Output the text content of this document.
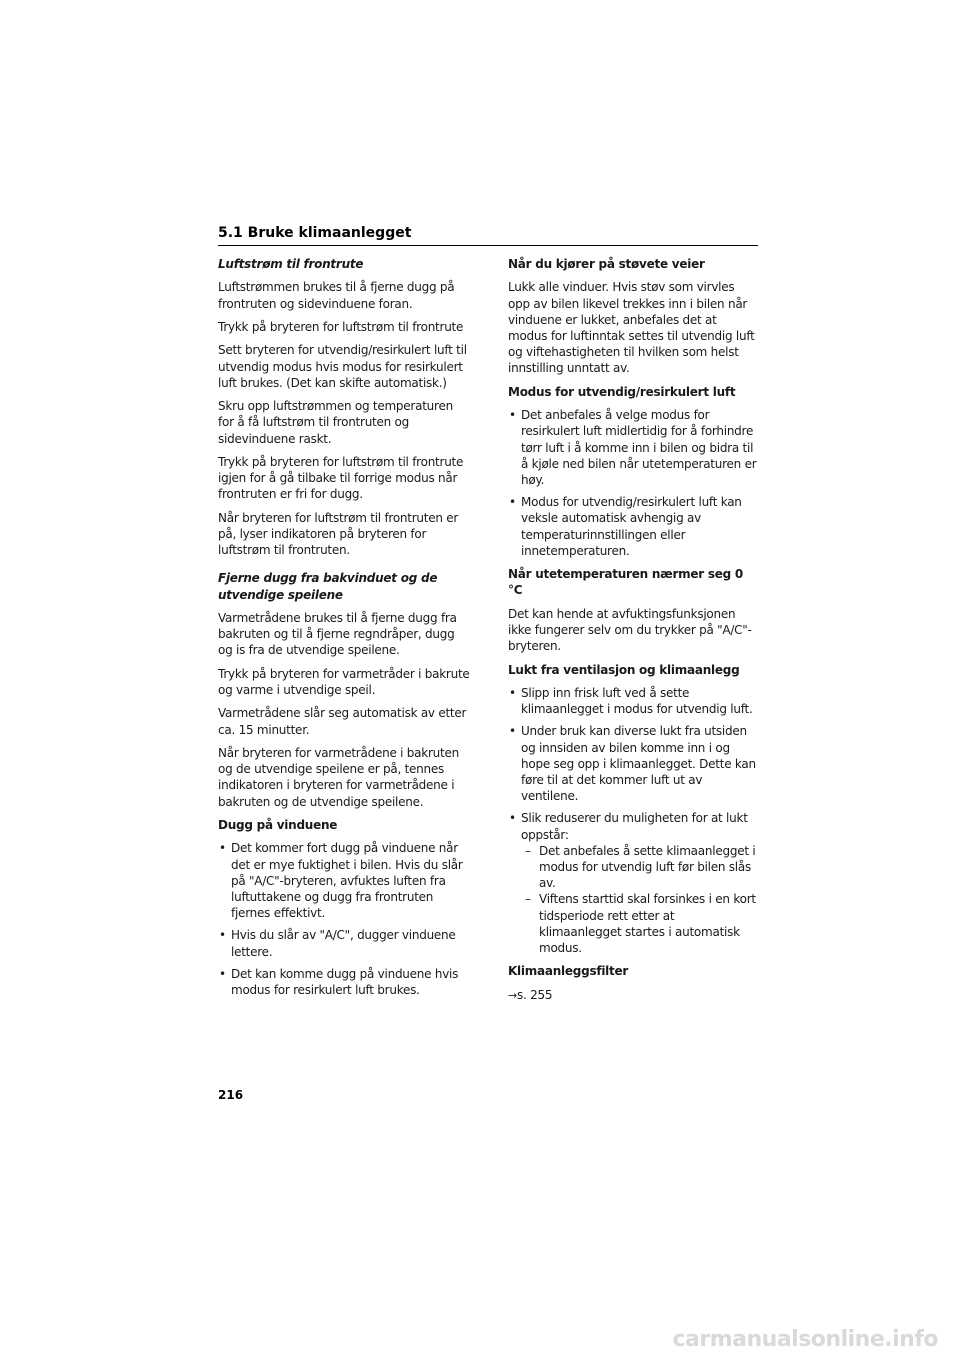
5.1 Bruke klimaanlegget

Luftstrøm til frontrute

Luftstrømmen brukes til å fjerne dugg på frontruten og sidevinduene foran.

Trykk på bryteren for luftstrøm til frontrute

Sett bryteren for utvendig/resirkulert luft til utvendig modus hvis modus for resirkulert luft brukes. (Det kan skifte automatisk.)

Skru opp luftstrømmen og temperaturen for å få luftstrøm til frontruten og sidevinduene raskt.

Trykk på bryteren for luftstrøm til frontrute igjen for å gå tilbake til forrige modus når frontruten er fri for dugg.

Når bryteren for luftstrøm til frontruten er på, lyser indikatoren på bryteren for luftstrøm til frontruten.

Fjerne dugg fra bakvinduet og de utvendige speilene

Varmetrådene brukes til å fjerne dugg fra bakruten og til å fjerne regndråper, dugg og is fra de utvendige speilene.

Trykk på bryteren for varmetråder i bakrute og varme i utvendige speil.

Varmetrådene slår seg automatisk av etter ca. 15 minutter.

Når bryteren for varmetrådene i bakruten og de utvendige speilene er på, tennes indikatoren i bryteren for varmetrådene i bakruten og de utvendige speilene.

Dugg på vinduene

• Det kommer fort dugg på vinduene når det er mye fuktighet i bilen. Hvis du slår på "A/C"-bryteren, avfuktes luften fra luftuttakene og dugg fra frontruten fjernes effektivt.
• Hvis du slår av "A/C", dugger vinduene lettere.
• Det kan komme dugg på vinduene hvis modus for resirkulert luft brukes.

Når du kjører på støvete veier

Lukk alle vinduer. Hvis støv som virvles opp av bilen likevel trekkes inn i bilen når vinduene er lukket, anbefales det at modus for luftinntak settes til utvendig luft og viftehastigheten til hvilken som helst innstilling unntatt av.

Modus for utvendig/resirkulert luft

• Det anbefales å velge modus for resirkulert luft midlertidig for å forhindre tørr luft i å komme inn i bilen og bidra til å kjøle ned bilen når utetemperaturen er høy.
• Modus for utvendig/resirkulert luft kan veksle automatisk avhengig av temperaturinnstillingen eller innetemperaturen.

Når utetemperaturen nærmer seg 0 °C

Det kan hende at avfuktingsfunksjonen ikke fungerer selv om du trykker på "A/C"-bryteren.

Lukt fra ventilasjon og klimaanlegg

• Slipp inn frisk luft ved å sette klimaanlegget i modus for utvendig luft.
• Under bruk kan diverse lukt fra utsiden og innsiden av bilen komme inn i og hope seg opp i klimaanlegget. Dette kan føre til at det kommer luft ut av ventilene.
• Slik reduserer du muligheten for at lukt oppstår:
– Det anbefales å sette klimaanlegget i modus for utvendig luft før bilen slås av.
– Viftens starttid skal forsinkes i en kort tidsperiode rett etter at klimaanlegget startes i automatisk modus.

Klimaanleggsfilter

→s. 255

216
carmanualsonline.info
